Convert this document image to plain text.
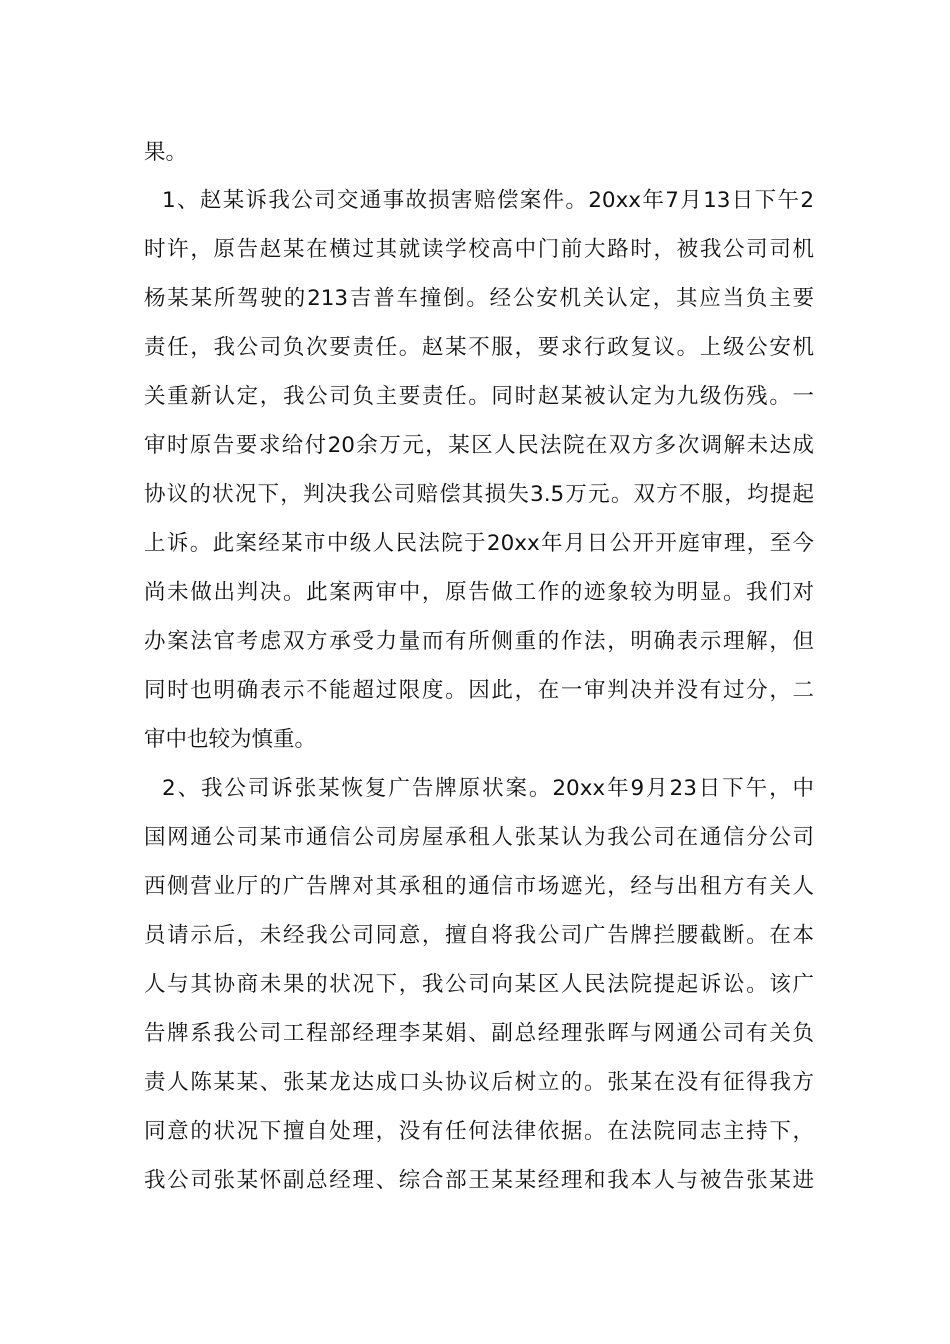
果。
1、赵某诉我公司交通事故损害赔偿案件。20xx年7月13日下午2
时许，原告赵某在横过其就读学校高中门前大路时，被我公司司机
杨某某所驾驶的213吉普车撞倒。经公安机关认定，其应当负主要
责任，我公司负次要责任。赵某不服，要求行政复议。上级公安机
关重新认定，我公司负主要责任。同时赵某被认定为九级伤残。一
审时原告要求给付20余万元，某区人民法院在双方多次调解未达成
协议的状况下，判决我公司赔偿其损失3.5万元。双方不服，均提起
上诉。此案经某市中级人民法院于20xx年月日公开开庭审理，至今
尚未做出判决。此案两审中，原告做工作的迹象较为明显。我们对
办案法官考虑双方承受力量而有所侧重的作法，明确表示理解，但
同时也明确表示不能超过限度。因此，在一审判决并没有过分，二
审中也较为慎重。
2、我公司诉张某恢复广告牌原状案。20xx年9月23日下午，中
国网通公司某市通信公司房屋承租人张某认为我公司在通信分公司
西侧营业厅的广告牌对其承租的通信市场遮光，经与出租方有关人
员请示后，未经我公司同意，擅自将我公司广告牌拦腰截断。在本
人与其协商未果的状况下，我公司向某区人民法院提起诉讼。该广
告牌系我公司工程部经理李某娟、副总经理张晖与网通公司有关负
责人陈某某、张某龙达成口头协议后树立的。张某在没有征得我方
同意的状况下擅自处理，没有任何法律依据。在法院同志主持下，
我公司张某怀副总经理、综合部王某某经理和我本人与被告张某进
